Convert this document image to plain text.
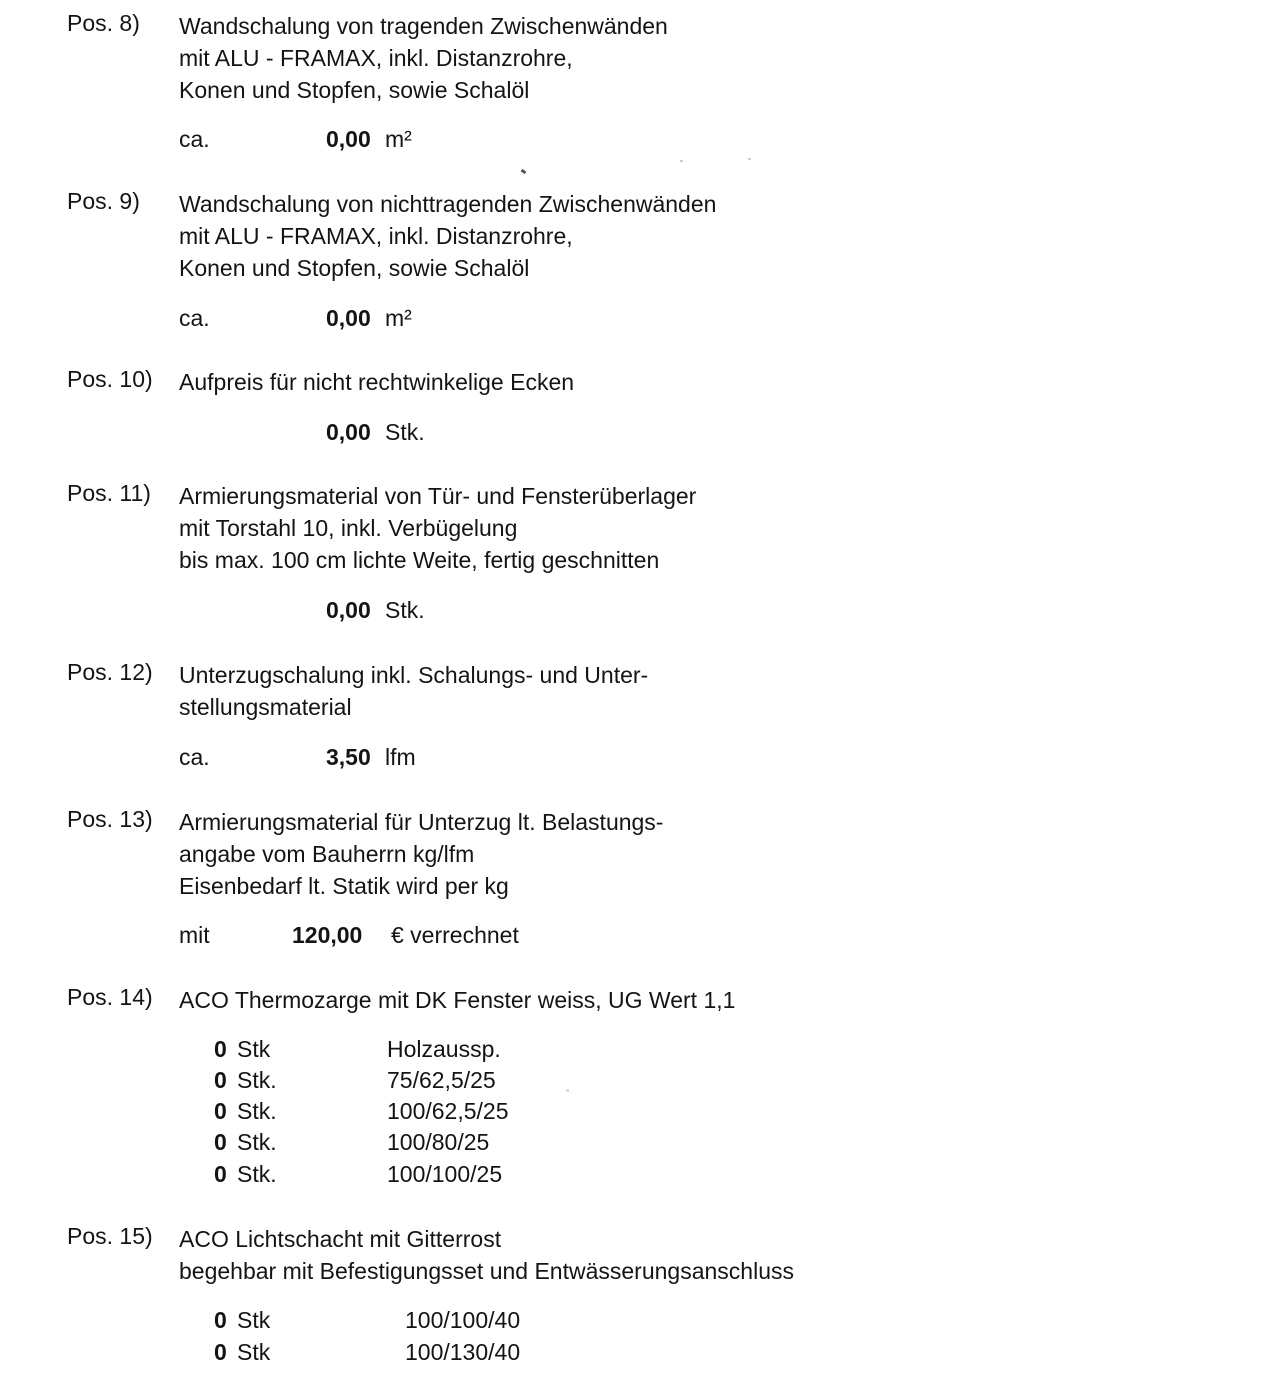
Pos. 8) Wandschalung von tragenden Zwischenwänden
mit ALU - FRAMAX, inkl. Distanzrohre,
Konen und Stopfen, sowie Schalöl
ca.	0,00 m²
Pos. 9) Wandschalung von nichttragenden Zwischenwänden
mit ALU - FRAMAX, inkl. Distanzrohre,
Konen und Stopfen, sowie Schalöl
ca.	0,00 m²
Pos. 10) Aufpreis für nicht rechtwinkelige Ecken
0,00 Stk.
Pos. 11) Armierungsmaterial von Tür- und Fensterüberlager
mit Torstahl 10, inkl. Verbügelung
bis max. 100 cm lichte Weite, fertig geschnitten
0,00 Stk.
Pos. 12) Unterzugschalung inkl. Schalungs- und Unter-
stellungsmaterial
ca.	3,50 lfm
Pos. 13) Armierungsmaterial für Unterzug lt. Belastungs-
angabe vom Bauherrn kg/lfm
Eisenbedarf lt. Statik wird per kg
mit	120,00 € verrechnet
Pos. 14) ACO Thermozarge mit DK Fenster weiss, UG Wert 1,1
0 Stk	Holzaussp.
0 Stk.	75/62,5/25
0 Stk.	100/62,5/25
0 Stk.	100/80/25
0 Stk.	100/100/25
Pos. 15) ACO Lichtschacht mit Gitterrost
begehbar mit Befestigungsset und Entwässerungsanschluss
0 Stk	100/100/40
0 Stk	100/130/40
